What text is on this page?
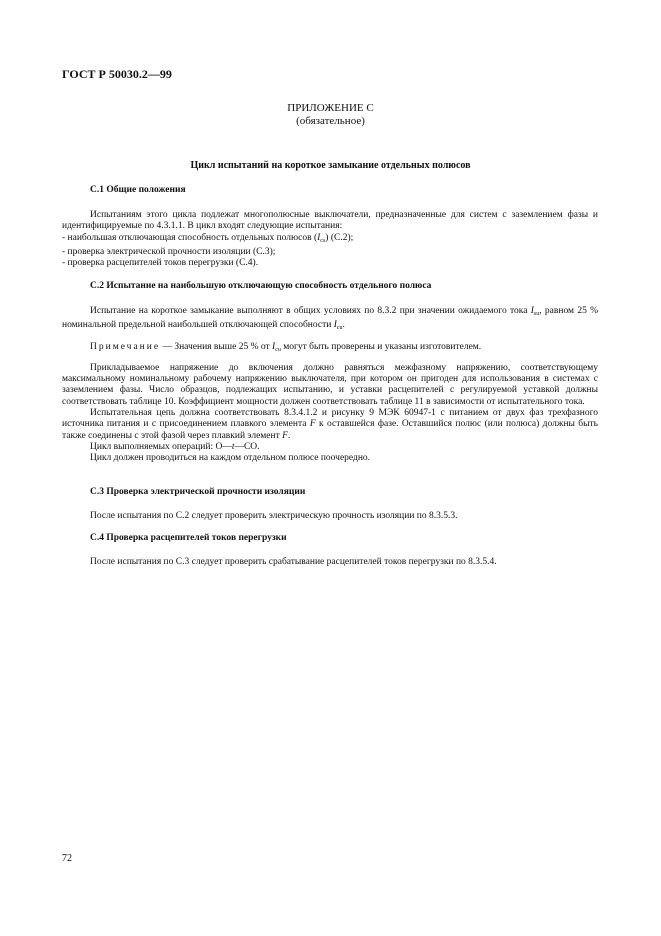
ГОСТ Р 50030.2—99
ПРИЛОЖЕНИЕ С
(обязательное)
Цикл испытаний на короткое замыкание отдельных полюсов
С.1 Общие положения

Испытаниям этого цикла подлежат многополюсные выключатели, предназначенные для систем с заземлением фазы и идентифицируемые по 4.3.1.1. В цикл входят следующие испытания:

- наибольшая отключающая способность отдельных полюсов $(I_{cs})$ (С.2);

- проверка электрической прочности изоляции (С.3);

- проверка расцепителей токов перегрузки (С.4).

С.2 Испытание на наибольшую отключающую способность отдельного полюса

Испытание на короткое замыкание выполняют в общих условиях по 8.3.2 при значении ожидаемого тока $I_{su}$, равном 25 % номинальной предельной наибольшей отключающей способности $I_{cu}$.

Примечание — Значения выше 25 % от $I_{cu}$ могут быть проверены и указаны изготовителем.

Прикладываемое напряжение до включения должно равняться межфазному напряжению, соответствующему максимальному номинальному рабочему напряжению выключателя, при котором он пригоден для использования в системах с заземлением фазы. Число образцов, подлежащих испытанию, и уставки расцепителей с регулируемой уставкой должны соответствовать таблице 10. Коэффициент мощности должен соответствовать таблице 11 в зависимости от испытательного тока.

Испытательная цепь должна соответствовать 8.3.4.1.2 и рисунку 9 МЭК 60947-1 с питанием от двух фаз трехфазного источника питания и с присоединением плавкого элемента F к оставшейся фазе. Оставшийся полюс (или полюса) должны быть также соединены с этой фазой через плавкий элемент F.

Цикл выполняемых операций: О—t—СО.

Цикл должен проводиться на каждом отдельном полюсе поочередно.

С.3 Проверка электрической прочности изоляции

После испытания по С.2 следует проверить электрическую прочность изоляции по 8.3.5.3.

С.4 Проверка расцепителей токов перегрузки

После испытания по С.3 следует проверить срабатывание расцепителей токов перегрузки по 8.3.5.4.

72
